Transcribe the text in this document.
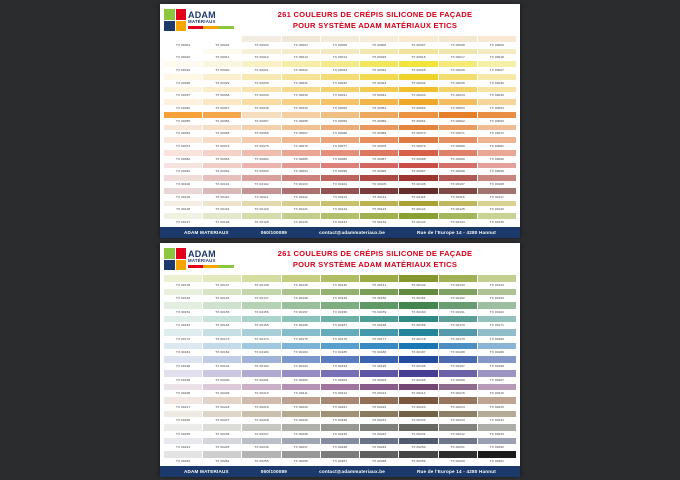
ADAM
MATÉRIAUX
261 COULEURS DE CRÉPIS SILICONE DE FAÇADE
POUR SYSTÈME ADAM MATÉRIAUX ETICS
TX 00001	TX 00002	TX 00003	TX 00004	TX 00005	TX 00006	TX 00007	TX 00008	TX 00009
TX 00010	TX 00011	TX 00012	TX 00013	TX 00014	TX 00015	TX 00016	TX 00017	TX 00018
TX 00019	TX 00020	TX 00021	TX 00022	TX 00023	TX 00024	TX 00025	TX 00026	TX 00027
TX 00028	TX 00029	TX 00030	TX 00031	TX 00032	TX 00033	TX 00034	TX 00035	TX 00036
TX 00037	TX 00038	TX 00039	TX 00040	TX 00041	TX 00042	TX 00043	TX 00044	TX 00045
TX 00046	TX 00047	TX 00048	TX 00049	TX 00050	TX 00051	TX 00052	TX 00053	TX 00054
TX 00055	TX 00056	TX 00057	TX 00058	TX 00059	TX 00060	TX 00061	TX 00062	TX 00063
TX 00064	TX 00065	TX 00066	TX 00067	TX 00068	TX 00069	TX 00070	TX 00071	TX 00072
TX 00073	TX 00074	TX 00075	TX 00076	TX 00077	TX 00078	TX 00079	TX 00080	TX 00081
TX 00082	TX 00083	TX 00084	TX 00085	TX 00086	TX 00087	TX 00088	TX 00089	TX 00090
TX 00091	TX 00092	TX 00093	TX 00094	TX 00095	TX 00096	TX 00097	TX 00098	TX 00099
TX 00100	TX 00101	TX 00102	TX 00103	TX 00104	TX 00105	TX 00106	TX 00107	TX 00108
TX 00109	TX 00110	TX 00111	TX 00112	TX 00113	TX 00114	TX 00115	TX 00116	TX 00117
TX 00118	TX 00119	TX 00120	TX 00121	TX 00122	TX 00123	TX 00124	TX 00125	TX 00126
TX 00127	TX 00128	TX 00129	TX 00130	TX 00131	TX 00132	TX 00133	TX 00134	TX 00135
ADAM MATERIAUX	060/100089	contact@adammateriaux.be	Rue de l'Europe 14 - 4280 Hannut
ADAM
MATÉRIAUX
261 COULEURS DE CRÉPIS SILICONE DE FAÇADE
POUR SYSTÈME ADAM MATÉRIAUX ETICS
TX 00136	TX 00137	TX 00138	TX 00139	TX 00140	TX 00141	TX 00142	TX 00143	TX 00144
TX 00145	TX 00146	TX 00147	TX 00148	TX 00149	TX 00150	TX 00151	TX 00152	TX 00153
TX 00154	TX 00155	TX 00156	TX 00157	TX 00158	TX 00159	TX 00160	TX 00161	TX 00162
TX 00163	TX 00164	TX 00165	TX 00166	TX 00167	TX 00168	TX 00169	TX 00170	TX 00171
TX 00172	TX 00173	TX 00174	TX 00175	TX 00176	TX 00177	TX 00178	TX 00179	TX 00180
TX 00181	TX 00182	TX 00183	TX 00184	TX 00185	TX 00186	TX 00187	TX 00188	TX 00189
TX 00190	TX 00191	TX 00192	TX 00193	TX 00194	TX 00195	TX 00196	TX 00197	TX 00198
TX 00199	TX 00200	TX 00201	TX 00202	TX 00203	TX 00204	TX 00205	TX 00206	TX 00207
TX 00208	TX 00209	TX 00210	TX 00211	TX 00212	TX 00213	TX 00214	TX 00215	TX 00216
TX 00217	TX 00218	TX 00219	TX 00220	TX 00221	TX 00222	TX 00223	TX 00224	TX 00225
TX 00226	TX 00227	TX 00228	TX 00229	TX 00230	TX 00231	TX 00232	TX 00233	TX 00234
TX 00235	TX 00236	TX 00237	TX 00238	TX 00239	TX 00240	TX 00241	TX 00242	TX 00243
TX 00244	TX 00245	TX 00246	TX 00247	TX 00248	TX 00249	TX 00250	TX 00251	TX 00252
TX 00253	TX 00254	TX 00255	TX 00256	TX 00257	TX 00258	TX 00259	TX 00260	TX 00261
ADAM MATERIAUX	060/100089	contact@adammateriaux.be	Rue de l'Europe 14 - 4280 Hannut
